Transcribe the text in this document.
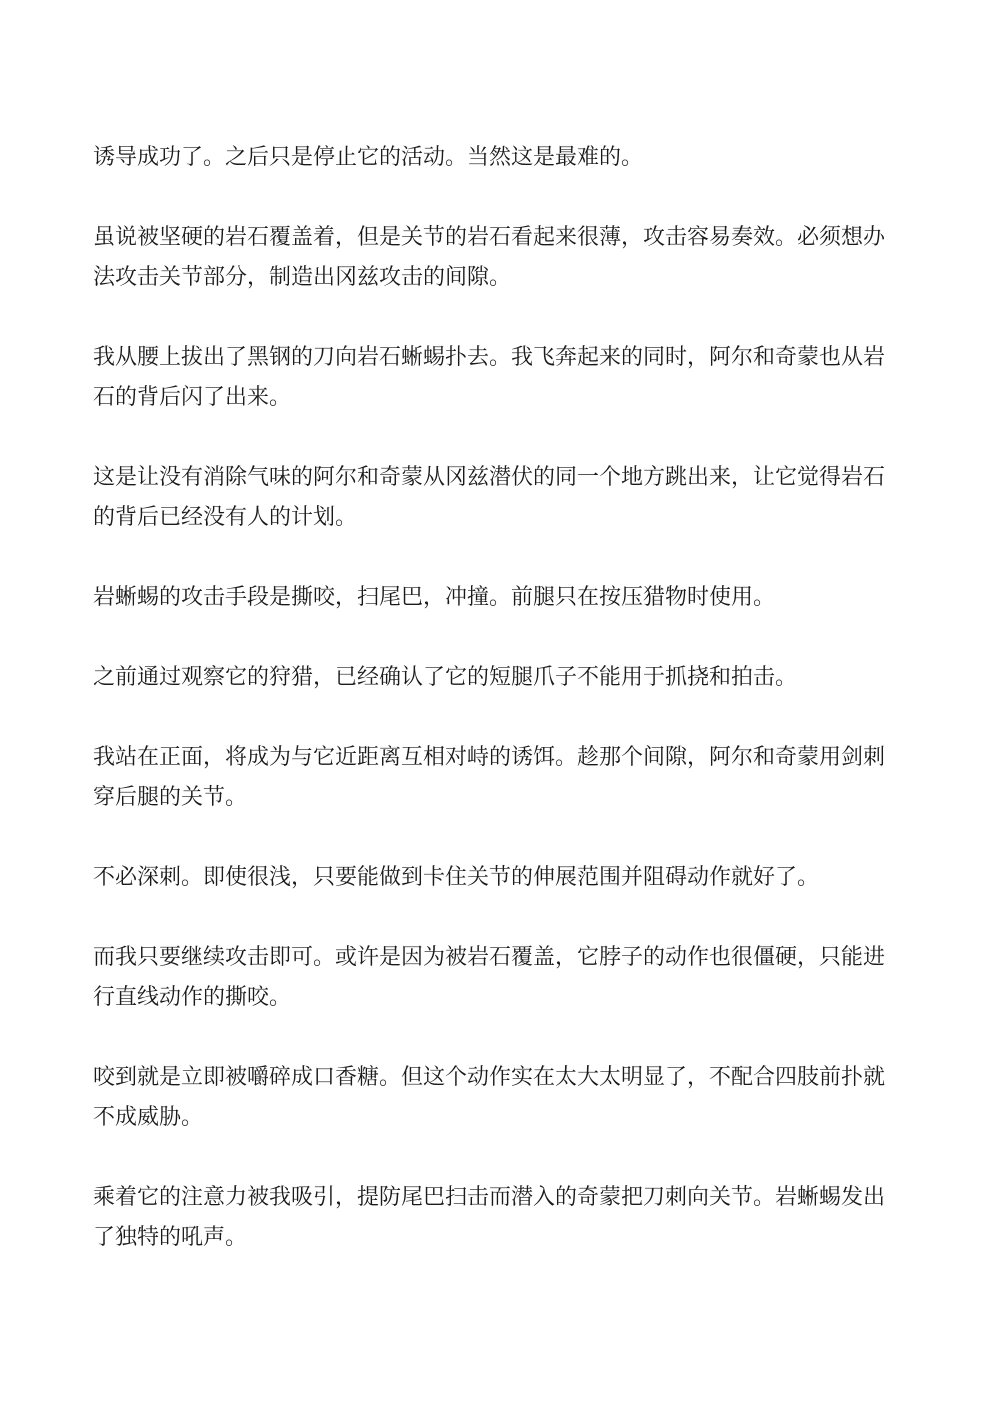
诱导成功了。之后只是停止它的活动。当然这是最难的。

虽说被坚硬的岩石覆盖着，但是关节的岩石看起来很薄，攻击容易奏效。必须想办法攻击关节部分，制造出冈兹攻击的间隙。

我从腰上拔出了黑钢的刀向岩石蜥蜴扑去。我飞奔起来的同时，阿尔和奇蒙也从岩石的背后闪了出来。

这是让没有消除气味的阿尔和奇蒙从冈兹潜伏的同一个地方跳出来，让它觉得岩石的背后已经没有人的计划。

岩蜥蜴的攻击手段是撕咬，扫尾巴，冲撞。前腿只在按压猎物时使用。

之前通过观察它的狩猎，已经确认了它的短腿爪子不能用于抓挠和拍击。

我站在正面，将成为与它近距离互相对峙的诱饵。趁那个间隙，阿尔和奇蒙用剑刺穿后腿的关节。

不必深刺。即使很浅，只要能做到卡住关节的伸展范围并阻碍动作就好了。

而我只要继续攻击即可。或许是因为被岩石覆盖，它脖子的动作也很僵硬，只能进行直线动作的撕咬。

咬到就是立即被嚼碎成口香糖。但这个动作实在太大太明显了，不配合四肢前扑就不成威胁。

乘着它的注意力被我吸引，提防尾巴扫击而潜入的奇蒙把刀刺向关节。岩蜥蜴发出了独特的吼声。
